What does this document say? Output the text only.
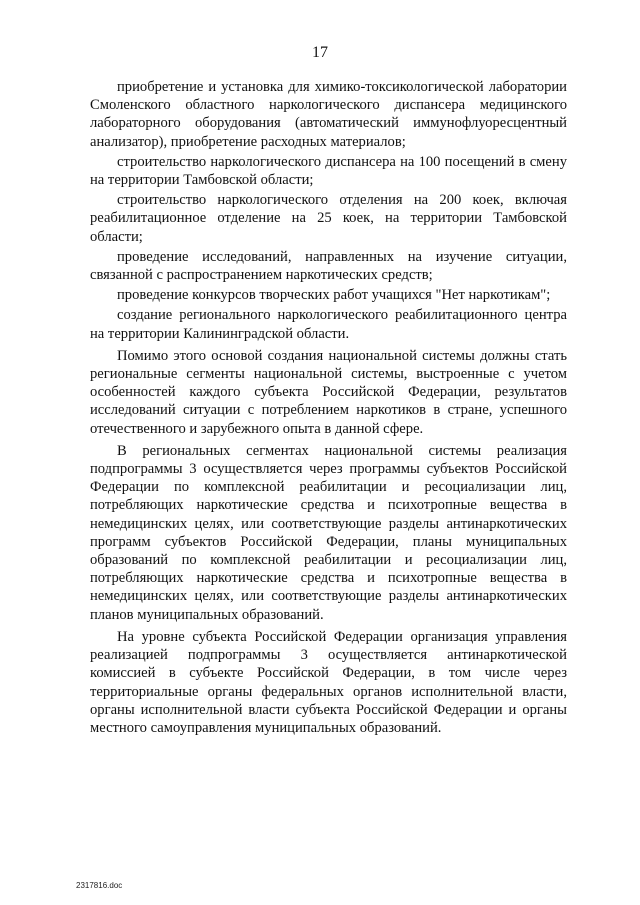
17

приобретение и установка для химико-токсикологической лаборатории Смоленского областного наркологического диспансера медицинского лабораторного оборудования (автоматический иммунофлуоресцентный анализатор), приобретение расходных материалов;

строительство наркологического диспансера на 100 посещений в смену на территории Тамбовской области;

строительство наркологического отделения на 200 коек, включая реабилитационное отделение на 25 коек, на территории Тамбовской области;

проведение исследований, направленных на изучение ситуации, связанной с распространением наркотических средств;

проведение конкурсов творческих работ учащихся "Нет наркотикам";

создание регионального наркологического реабилитационного центра на территории Калининградской области.

Помимо этого основой создания национальной системы должны стать региональные сегменты национальной системы, выстроенные с учетом особенностей каждого субъекта Российской Федерации, результатов исследований ситуации с потреблением наркотиков в стране, успешного отечественного и зарубежного опыта в данной сфере.

В региональных сегментах национальной системы реализация подпрограммы 3 осуществляется через программы субъектов Российской Федерации по комплексной реабилитации и ресоциализации лиц, потребляющих наркотические средства и психотропные вещества в немедицинских целях, или соответствующие разделы антинаркотических программ субъектов Российской Федерации, планы муниципальных образований по комплексной реабилитации и ресоциализации лиц, потребляющих наркотические средства и психотропные вещества в немедицинских целях, или соответствующие разделы антинаркотических планов муниципальных образований.

На уровне субъекта Российской Федерации организация управления реализацией подпрограммы 3 осуществляется антинаркотической комиссией в субъекте Российской Федерации, в том числе через территориальные органы федеральных органов исполнительной власти, органы исполнительной власти субъекта Российской Федерации и органы местного самоуправления муниципальных образований.

2317816.doc
